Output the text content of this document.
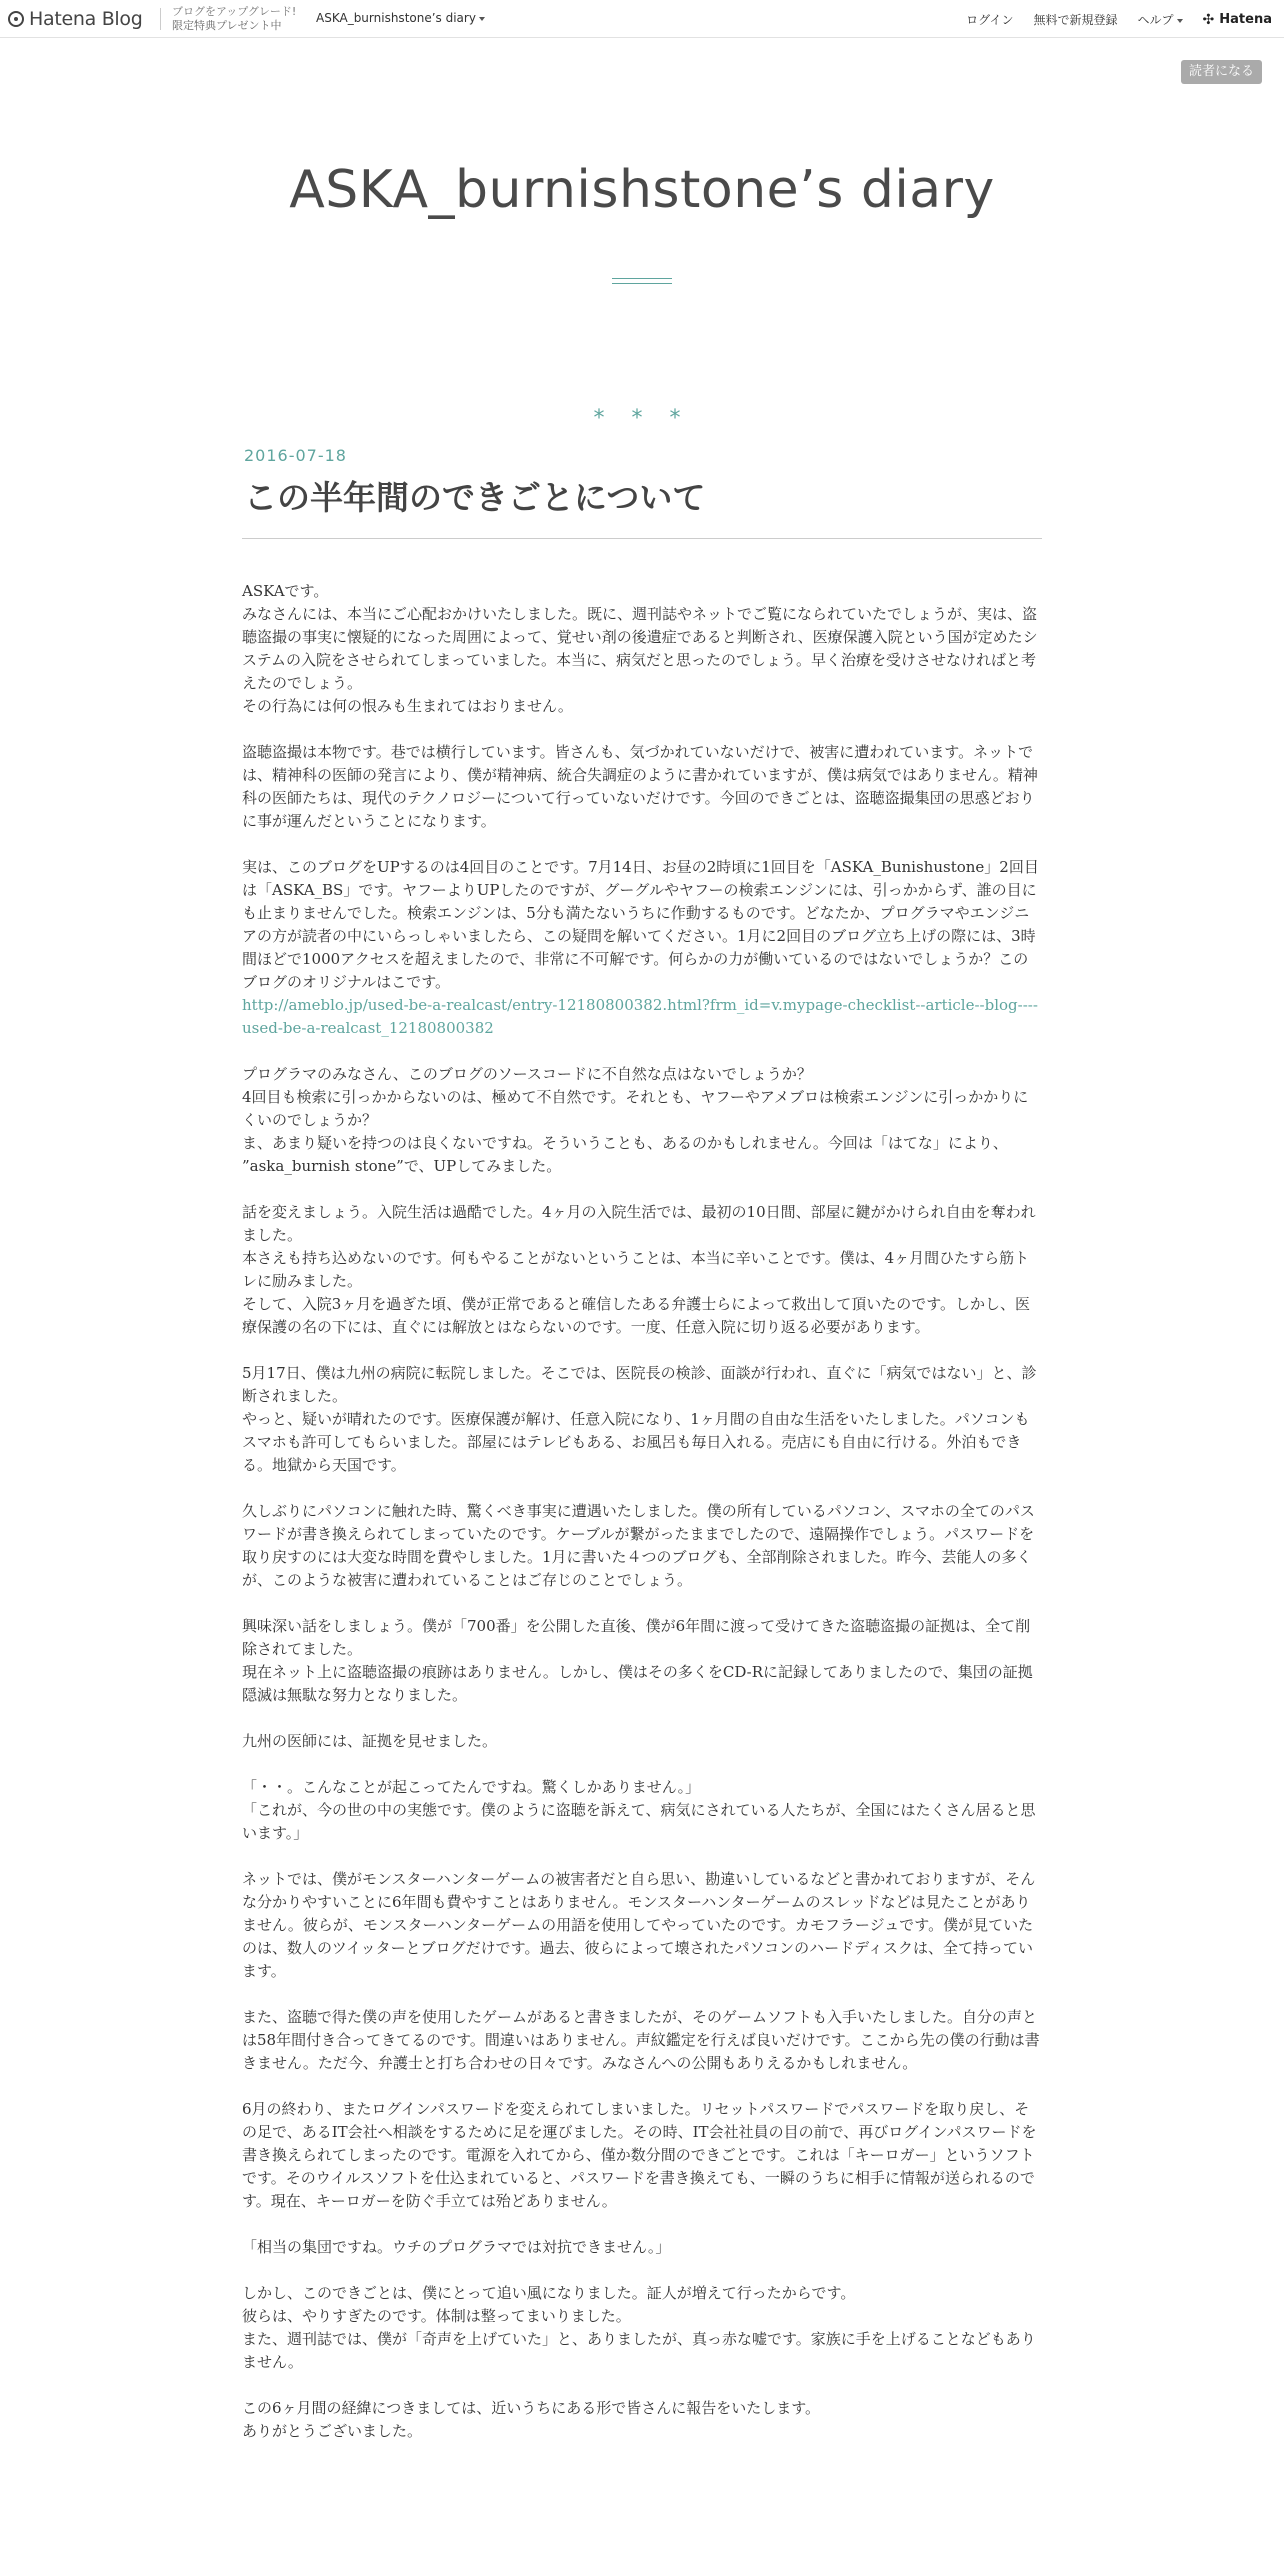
Hatena Blog	ブログをアップグレード!
限定特典プレゼント中
ASKA_burnishstone’s diary	ログイン 無料で新規登録 ヘルプ	✣ Hatena
読者になる
ASKA_burnishstone’s diary
* * *
2016-07-18
この半年間のできごとについて

ASKAです。
みなさんには、本当にご心配おかけいたしました。既に、週刊誌やネットでご覧になられていたでしょうが、実は、盗聴盗撮の事実に懐疑的になった周囲によって、覚せい剤の後遺症であると判断され、医療保護入院という国が定めたシステムの入院をさせられてしまっていました。本当に、病気だと思ったのでしょう。早く治療を受けさせなければと考えたのでしょう。
その行為には何の恨みも生まれてはおりません。

盗聴盗撮は本物です。巷では横行しています。皆さんも、気づかれていないだけで、被害に遭われています。ネットでは、精神科の医師の発言により、僕が精神病、統合失調症のように書かれていますが、僕は病気ではありません。精神科の医師たちは、現代のテクノロジーについて行っていないだけです。今回のできごとは、盗聴盗撮集団の思惑どおりに事が運んだということになります。

実は、このブログをUPするのは4回目のことです。7月14日、お昼の2時頃に1回目を「ASKA_Bunishustone」2回目は「ASKA_BS」です。ヤフーよりUPしたのですが、グーグルやヤフーの検索エンジンには、引っかからず、誰の目にも止まりませんでした。検索エンジンは、5分も満たないうちに作動するものです。どなたか、プログラマやエンジニアの方が読者の中にいらっしゃいましたら、この疑問を解いてください。1月に2回目のブログ立ち上げの際には、3時間ほどで1000アクセスを超えましたので、非常に不可解です。何らかの力が働いているのではないでしょうか？このブログのオリジナルはこです。
http://ameblo.jp/used-be-a-realcast/entry-12180800382.html?frm_id=v.mypage-checklist--article--blog----used-be-a-realcast_12180800382

プログラマのみなさん、このブログのソースコードに不自然な点はないでしょうか？
4回目も検索に引っかからないのは、極めて不自然です。それとも、ヤフーやアメブロは検索エンジンに引っかかりにくいのでしょうか？
ま、あまり疑いを持つのは良くないですね。そういうことも、あるのかもしれません。今回は「はてな」により、
”aska_burnish stone”で、UPしてみました。

話を変えましょう。入院生活は過酷でした。4ヶ月の入院生活では、最初の10日間、部屋に鍵がかけられ自由を奪われました。
本さえも持ち込めないのです。何もやることがないということは、本当に辛いことです。僕は、4ヶ月間ひたすら筋トレに励みました。
そして、入院3ヶ月を過ぎた頃、僕が正常であると確信したある弁護士らによって救出して頂いたのです。しかし、医療保護の名の下には、直ぐには解放とはならないのです。一度、任意入院に切り返る必要があります。

5月17日、僕は九州の病院に転院しました。そこでは、医院長の検診、面談が行われ、直ぐに「病気ではない」と、診断されました。
やっと、疑いが晴れたのです。医療保護が解け、任意入院になり、1ヶ月間の自由な生活をいたしました。パソコンもスマホも許可してもらいました。部屋にはテレビもある、お風呂も毎日入れる。売店にも自由に行ける。外泊もできる。地獄から天国です。

久しぶりにパソコンに触れた時、驚くべき事実に遭遇いたしました。僕の所有しているパソコン、スマホの全てのパスワードが書き換えられてしまっていたのです。ケーブルが繋がったままでしたので、遠隔操作でしょう。パスワードを取り戻すのには大変な時間を費やしました。1月に書いた４つのブログも、全部削除されました。昨今、芸能人の多くが、このような被害に遭われていることはご存じのことでしょう。

興味深い話をしましょう。僕が「700番」を公開した直後、僕が6年間に渡って受けてきた盗聴盗撮の証拠は、全て削除されてました。
現在ネット上に盗聴盗撮の痕跡はありません。しかし、僕はその多くをCD-Rに記録してありましたので、集団の証拠隠滅は無駄な努力となりました。

九州の医師には、証拠を見せました。

「・・。こんなことが起こってたんですね。驚くしかありません。」
「これが、今の世の中の実態です。僕のように盗聴を訴えて、病気にされている人たちが、全国にはたくさん居ると思います。」

ネットでは、僕がモンスターハンターゲームの被害者だと自ら思い、勘違いしているなどと書かれておりますが、そんな分かりやすいことに6年間も費やすことはありません。モンスターハンターゲームのスレッドなどは見たことがありません。彼らが、モンスターハンターゲームの用語を使用してやっていたのです。カモフラージュです。僕が見ていたのは、数人のツイッターとブログだけです。過去、彼らによって壊されたパソコンのハードディスクは、全て持っています。

また、盗聴で得た僕の声を使用したゲームがあると書きましたが、そのゲームソフトも入手いたしました。自分の声とは58年間付き合ってきてるのです。間違いはありません。声紋鑑定を行えば良いだけです。ここから先の僕の行動は書きません。ただ今、弁護士と打ち合わせの日々です。みなさんへの公開もありえるかもしれません。

6月の終わり、またログインパスワードを変えられてしまいました。リセットパスワードでパスワードを取り戻し、その足で、あるIT会社へ相談をするために足を運びました。その時、IT会社社員の目の前で、再びログインパスワードを書き換えられてしまったのです。電源を入れてから、僅か数分間のできごとです。これは「キーロガー」というソフトです。そのウイルスソフトを仕込まれていると、パスワードを書き換えても、一瞬のうちに相手に情報が送られるのです。現在、キーロガーを防ぐ手立ては殆どありません。

「相当の集団ですね。ウチのプログラマでは対抗できません。」

しかし、このできごとは、僕にとって追い風になりました。証人が増えて行ったからです。
彼らは、やりすぎたのです。体制は整ってまいりました。
また、週刊誌では、僕が「奇声を上げていた」と、ありましたが、真っ赤な嘘です。家族に手を上げることなどもありません。

この6ヶ月間の経緯につきましては、近いうちにある形で皆さんに報告をいたします。
ありがとうございました。
